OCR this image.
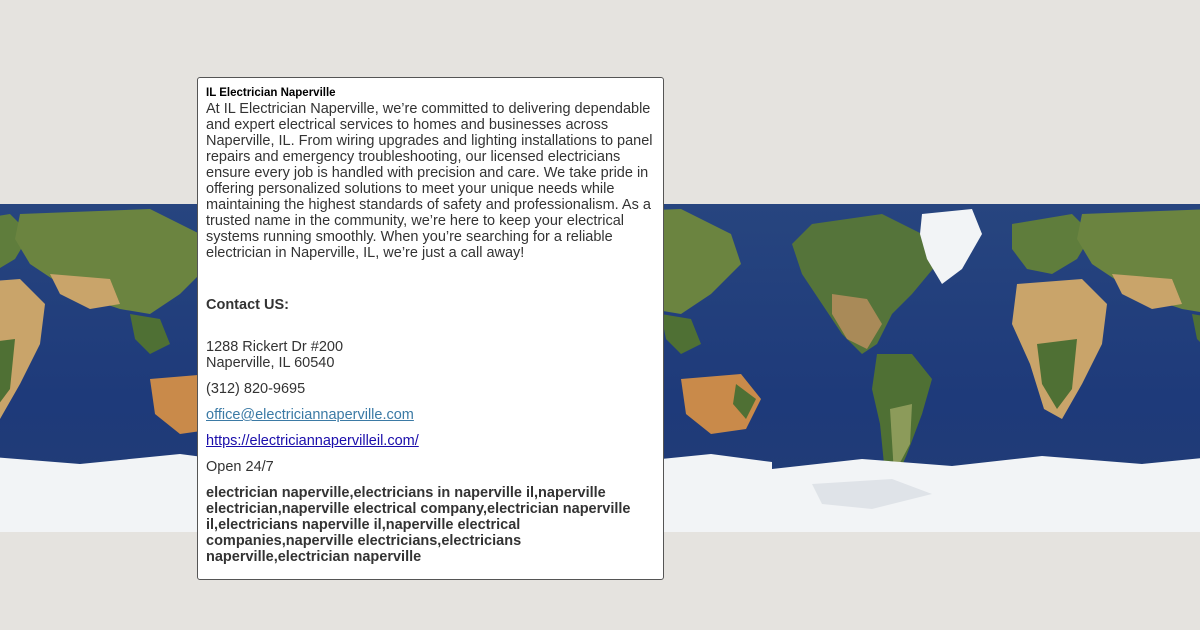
IL Electrician Naperville

At IL Electrician Naperville, we’re committed to delivering dependable and expert electrical services to homes and businesses across Naperville, IL. From wiring upgrades and lighting installations to panel repairs and emergency troubleshooting, our licensed electricians ensure every job is handled with precision and care. We take pride in offering personalized solutions to meet your unique needs while maintaining the highest standards of safety and professionalism. As a trusted name in the community, we’re here to keep your electrical systems running smoothly. When you’re searching for a reliable electrician in Naperville, IL, we’re just a call away!

Contact US:

1288 Rickert Dr #200
Naperville, IL 60540

(312) 820-9695

office@electriciannaperville.com

https://electriciannapervilleil.com/

Open 24/7

electrician naperville,electricians in naperville il,naperville electrician,naperville electrical company,electrician naperville il,electricians naperville il,naperville electrical companies,naperville electricians,electricians naperville,electrician naperville
